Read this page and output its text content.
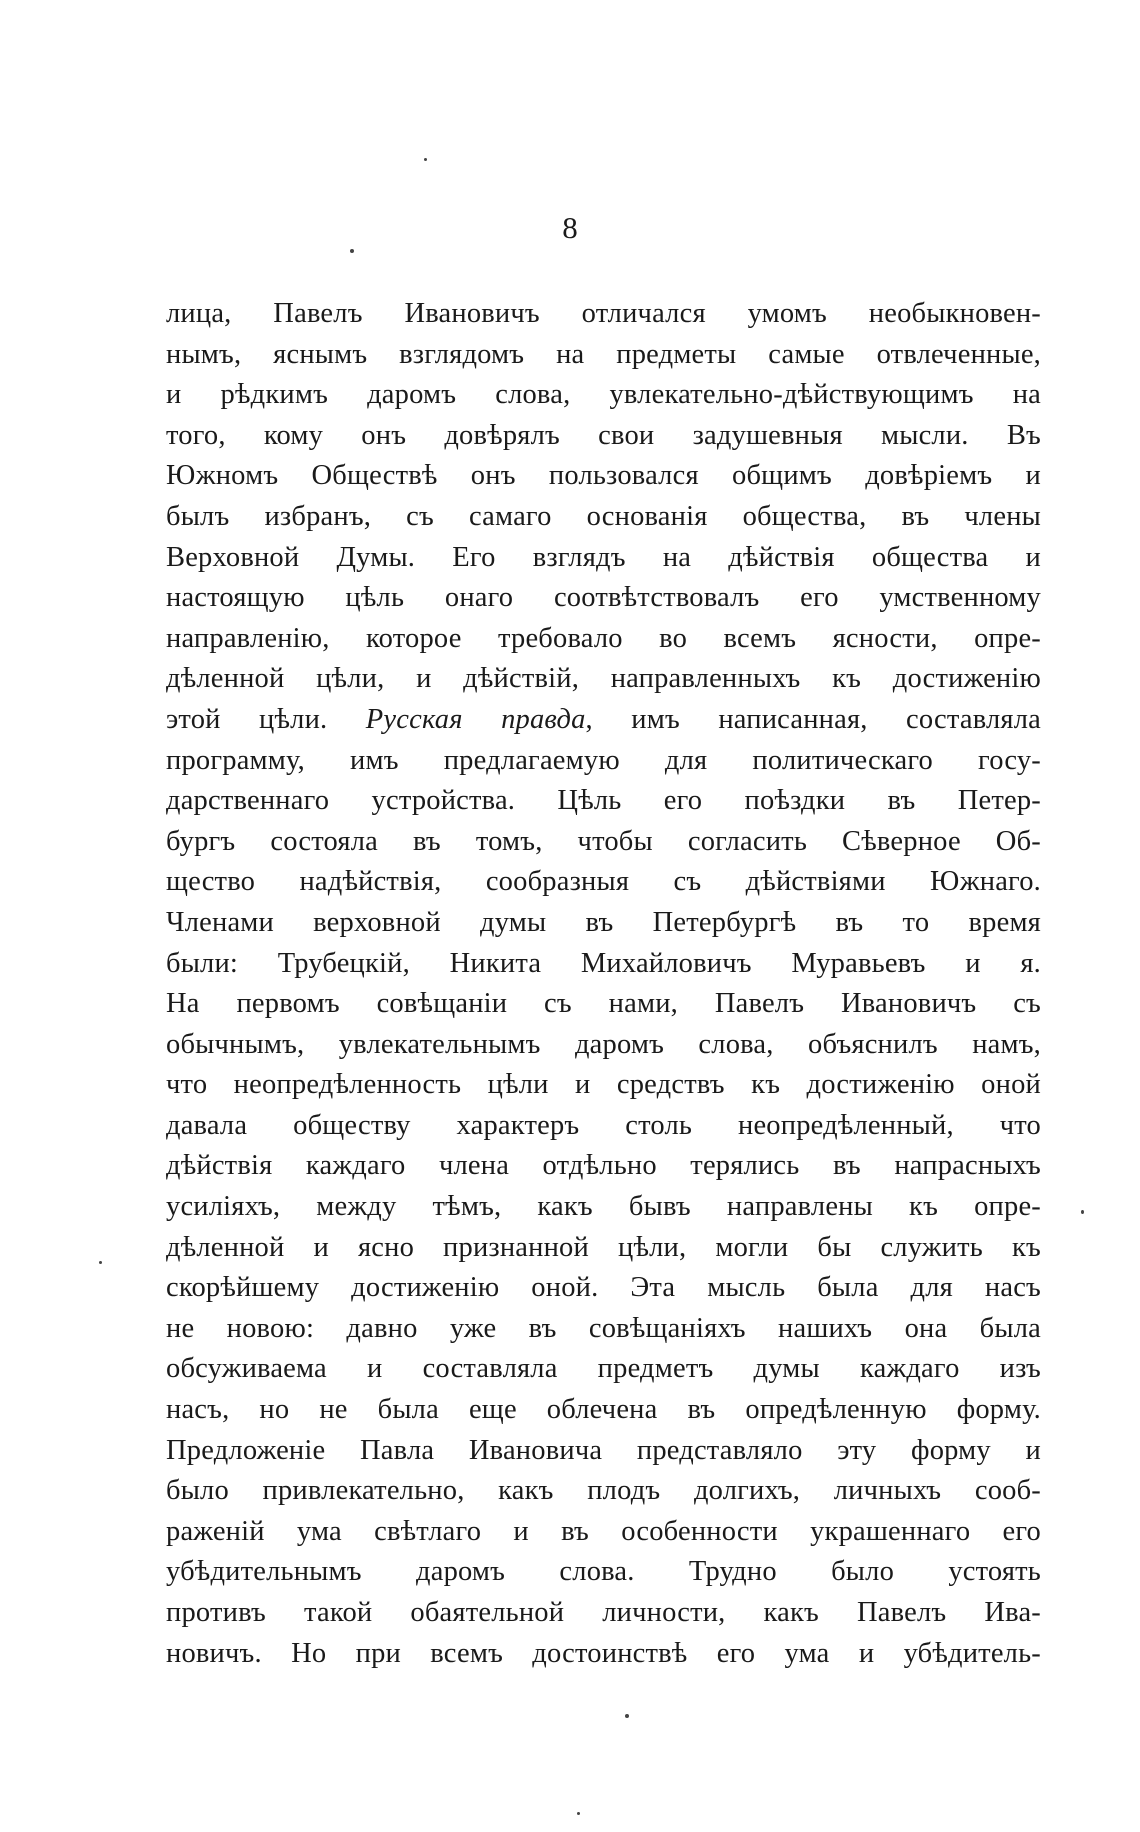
8
лица, Павелъ Ивановичъ отличался умомъ необыкновен-
нымъ, яснымъ взглядомъ на предметы самые отвлеченные,
и рѣдкимъ даромъ слова, увлекательно-дѣйствующимъ на
того, кому онъ довѣрялъ свои задушевныя мысли. Въ
Южномъ Обществѣ онъ пользовался общимъ довѣріемъ и
былъ избранъ, съ самаго основанія общества, въ члены
Верховной Думы. Его взглядъ на дѣйствія общества и
настоящую цѣль онаго соотвѣтствовалъ его умственному
направленію, которое требовало во всемъ ясности, опре-
дѣленной цѣли, и дѣйствій, направленныхъ къ достиженію
этой цѣли. Русская правда, имъ написанная, составляла
программу, имъ предлагаемую для политическаго госу-
дарственнаго устройства. Цѣль его поѣздки въ Петер-
бургъ состояла въ томъ, чтобы согласить Сѣверное Об-
щество надѣйствія, сообразныя съ дѣйствіями Южнаго.
Членами верховной думы въ Петербургѣ въ то время
были: Трубецкій, Никита Михайловичъ Муравьевъ и я.
На первомъ совѣщаніи съ нами, Павелъ Ивановичъ съ
обычнымъ, увлекательнымъ даромъ слова, объяснилъ намъ,
что неопредѣленность цѣли и средствъ къ достиженію оной
давала обществу характеръ столь неопредѣленный, что
дѣйствія каждаго члена отдѣльно терялись въ напрасныхъ
усиліяхъ, между тѣмъ, какъ бывъ направлены къ опре-
дѣленной и ясно признанной цѣли, могли бы служить къ
скорѣйшему достиженію оной. Эта мысль была для насъ
не новою: давно уже въ совѣщаніяхъ нашихъ она была
обсуживаема и составляла предметъ думы каждаго изъ
насъ, но не была еще облечена въ опредѣленную форму.
Предложеніе Павла Ивановича представляло эту форму и
было привлекательно, какъ плодъ долгихъ, личныхъ сооб-
раженій ума свѣтлаго и въ особенности украшеннаго его
убѣдительнымъ даромъ слова. Трудно было устоять
противъ такой обаятельной личности, какъ Павелъ Ива-
новичъ. Но при всемъ достоинствѣ его ума и убѣдитель-
